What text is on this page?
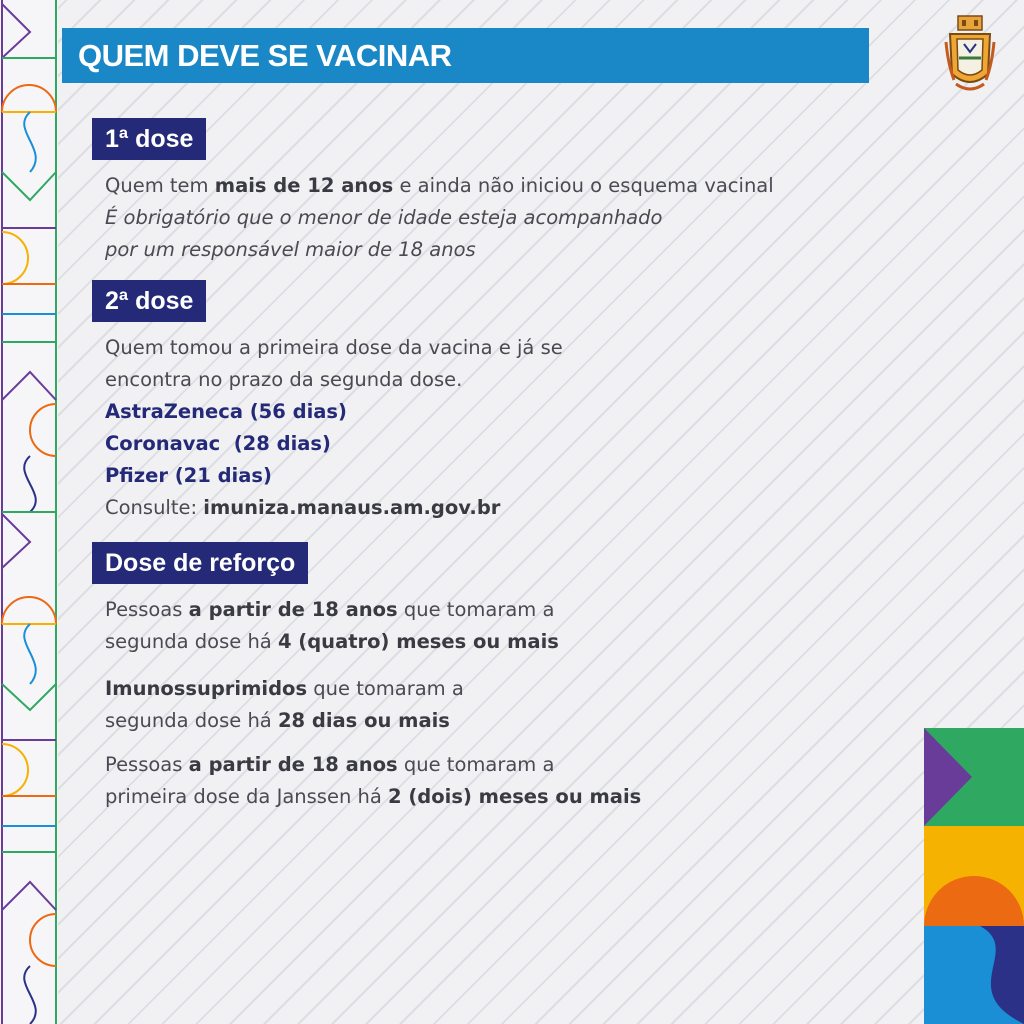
QUEM DEVE SE VACINAR
1ª dose
Quem tem mais de 12 anos e ainda não iniciou o esquema vacinal
É obrigatório que o menor de idade esteja acompanhado
por um responsável maior de 18 anos
2ª dose
Quem tomou a primeira dose da vacina e já se
encontra no prazo da segunda dose.
AstraZeneca (56 dias)
Coronavac  (28 dias)
Pfizer (21 dias)
Consulte: imuniza.manaus.am.gov.br
Dose de reforço
Pessoas a partir de 18 anos que tomaram a
segunda dose há 4 (quatro) meses ou mais
Imunossuprimidos que tomaram a
segunda dose há 28 dias ou mais
Pessoas a partir de 18 anos que tomaram a
primeira dose da Janssen há 2 (dois) meses ou mais
